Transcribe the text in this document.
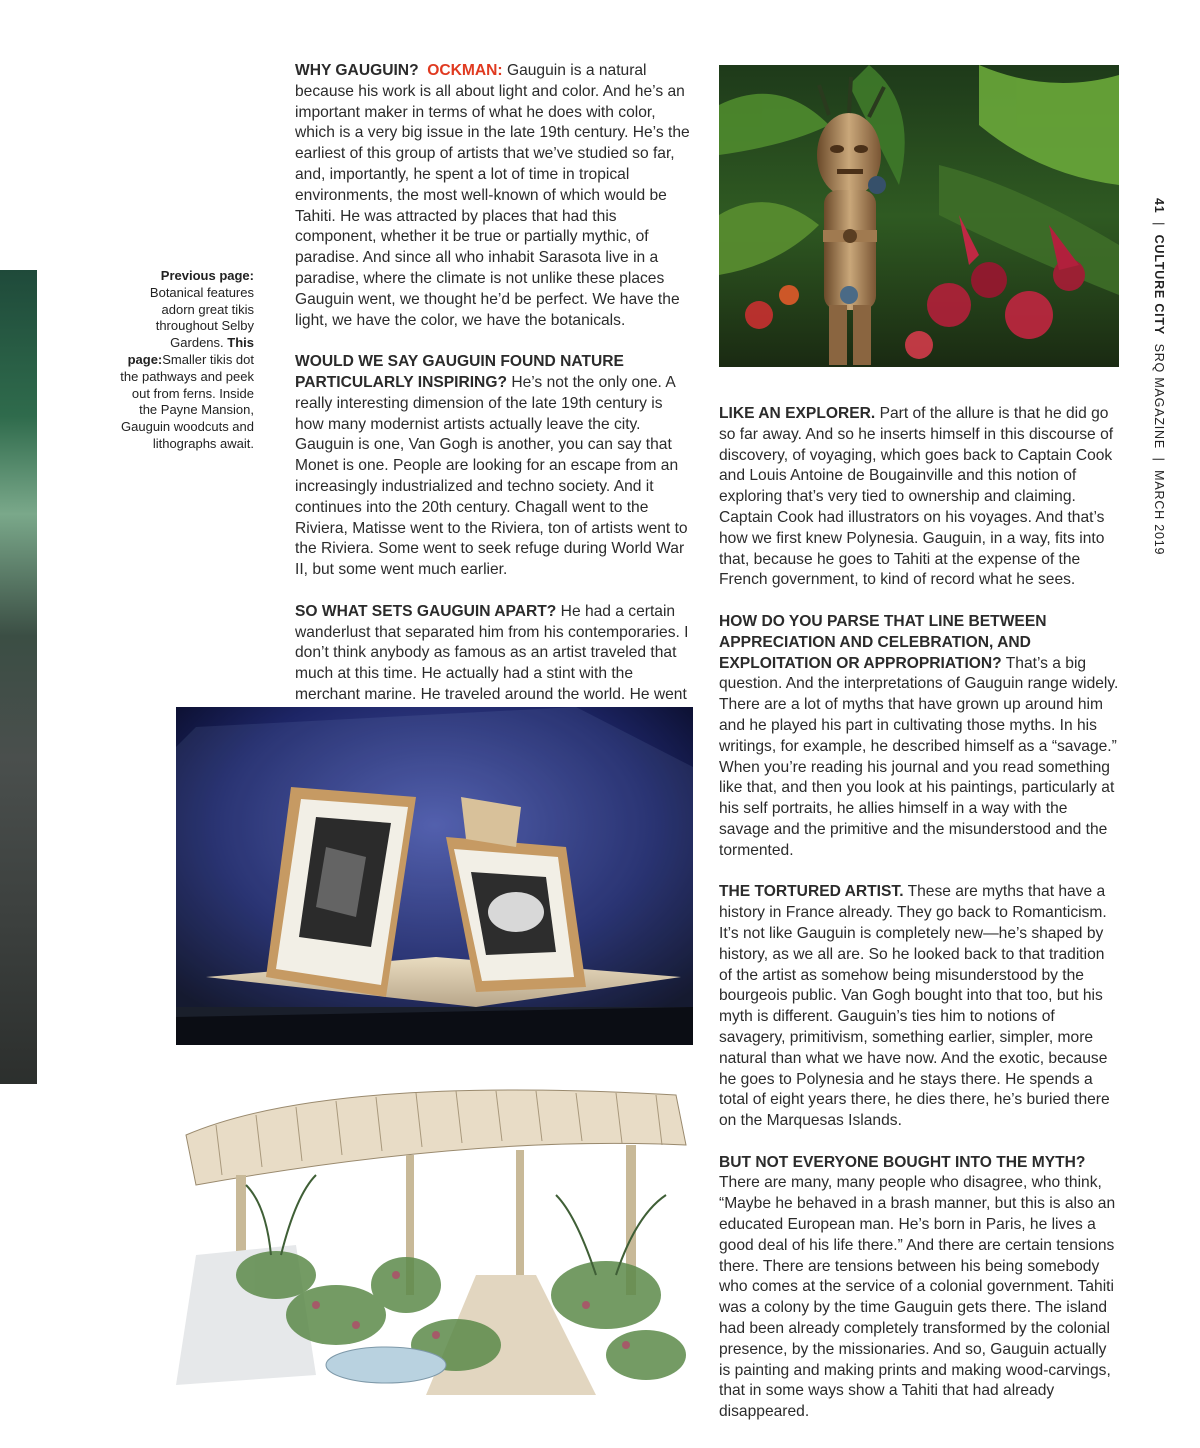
Previous page: Botanical features adorn great tikis throughout Selby Gardens. This page:Smaller tikis dot the pathways and peek out from ferns. Inside the Payne Mansion, Gauguin woodcuts and lithographs await.

WHY GAUGUIN? OCKMAN: Gauguin is a natural because his work is all about light and color. And he’s an important maker in terms of what he does with color, which is a very big issue in the late 19th century. He’s the earliest of this group of artists that we’ve studied so far, and, importantly, he spent a lot of time in tropical environments, the most well-known of which would be Tahiti. He was attracted by places that had this component, whether it be true or partially mythic, of paradise. And since all who inhabit Sarasota live in a paradise, where the climate is not unlike these places Gauguin went, we thought he’d be perfect. We have the light, we have the color, we have the botanicals.

WOULD WE SAY GAUGUIN FOUND NATURE PARTICULARLY INSPIRING? He’s not the only one. A really interesting dimension of the late 19th century is how many modernist artists actually leave the city. Gauguin is one, Van Gogh is another, you can say that Monet is one. People are looking for an escape from an increasingly industrialized and techno society. And it continues into the 20th century. Chagall went to the Riviera, Matisse went to the Riviera, ton of artists went to the Riviera. Some went to seek refuge during World War II, but some went much earlier.

SO WHAT SETS GAUGUIN APART? He had a certain wanderlust that separated him from his contemporaries. I don’t think anybody as famous as an artist traveled that much at this time. He actually had a stint with the merchant marine. He traveled around the world. He went

LIKE AN EXPLORER. Part of the allure is that he did go so far away. And so he inserts himself in this discourse of discovery, of voyaging, which goes back to Captain Cook and Louis Antoine de Bougainville and this notion of exploring that’s very tied to ownership and claiming. Captain Cook had illustrators on his voyages. And that’s how we first knew Polynesia. Gauguin, in a way, fits into that, because he goes to Tahiti at the expense of the French government, to kind of record what he sees.

HOW DO YOU PARSE THAT LINE BETWEEN APPRECIATION AND CELEBRATION, AND EXPLOITATION OR APPROPRIATION? That’s a big question. And the interpretations of Gauguin range widely. There are a lot of myths that have grown up around him and he played his part in cultivating those myths. In his writings, for example, he described himself as a “savage.” When you’re reading his journal and you read something like that, and then you look at his paintings, particularly at his self portraits, he allies himself in a way with the savage and the primitive and the misunderstood and the tormented.

THE TORTURED ARTIST. These are myths that have a history in France already. They go back to Romanticism. It’s not like Gauguin is completely new—he’s shaped by history, as we all are. So he looked back to that tradition of the artist as somehow being misunderstood by the bourgeois public. Van Gogh bought into that too, but his myth is different. Gauguin’s ties him to notions of savagery, primitivism, something earlier, simpler, more natural than what we have now. And the exotic, because he goes to Polynesia and he stays there. He spends a total of eight years there, he dies there, he’s buried there on the Marquesas Islands.

BUT NOT EVERYONE BOUGHT INTO THE MYTH? There are many, many people who disagree, who think, “Maybe he behaved in a brash manner, but this is also an educated European man. He’s born in Paris, he lives a good deal of his life there.” And there are certain tensions there. There are tensions between his being somebody who comes at the service of a colonial government. Tahiti was a colony by the time Gauguin gets there. The island had been already completely transformed by the colonial presence, by the missionaries. And so, Gauguin actually is painting and making prints and making wood-carvings, that in some ways show a Tahiti that had already disappeared.

41  |  CULTURE CITY  SRQ MAGAZINE  |  MARCH 2019
